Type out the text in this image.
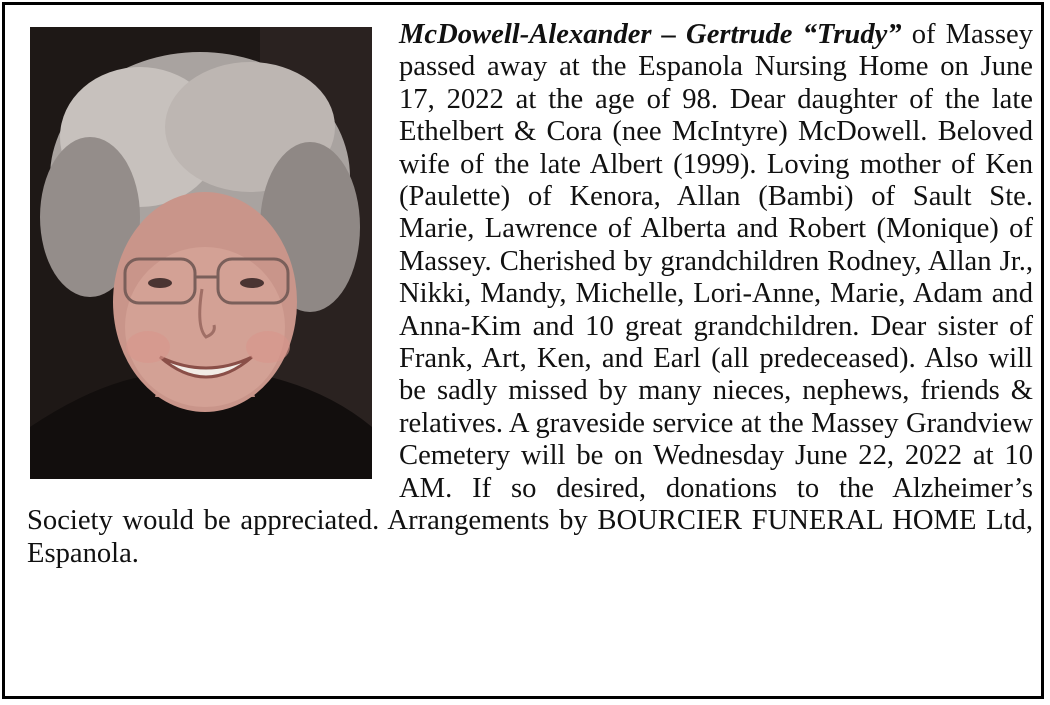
McDowell-Alexander – Gertrude “Trudy” of Massey passed away at the Espanola Nursing Home on June 17, 2022 at the age of 98. Dear daughter of the late Ethelbert & Cora (nee McIntyre) McDowell. Beloved wife of the late Albert (1999). Loving mother of Ken (Paulette) of Kenora, Allan (Bambi) of Sault Ste. Marie, Lawrence of Alberta and Robert (Monique) of Massey. Cherished by grandchildren Rodney, Allan Jr., Nikki, Mandy, Michelle, Lori-Anne, Marie, Adam and Anna-Kim and 10 great grandchildren. Dear sister of Frank, Art, Ken, and Earl (all predeceased). Also will be sadly missed by many nieces, nephews, friends & relatives. A graveside service at the Massey Grandview Cemetery will be on Wednesday June 22, 2022 at 10 AM. If so desired, donations to the Alzheimer’s Society would be appreciated. Arrangements by BOURCIER FUNERAL HOME Ltd, Espanola.
